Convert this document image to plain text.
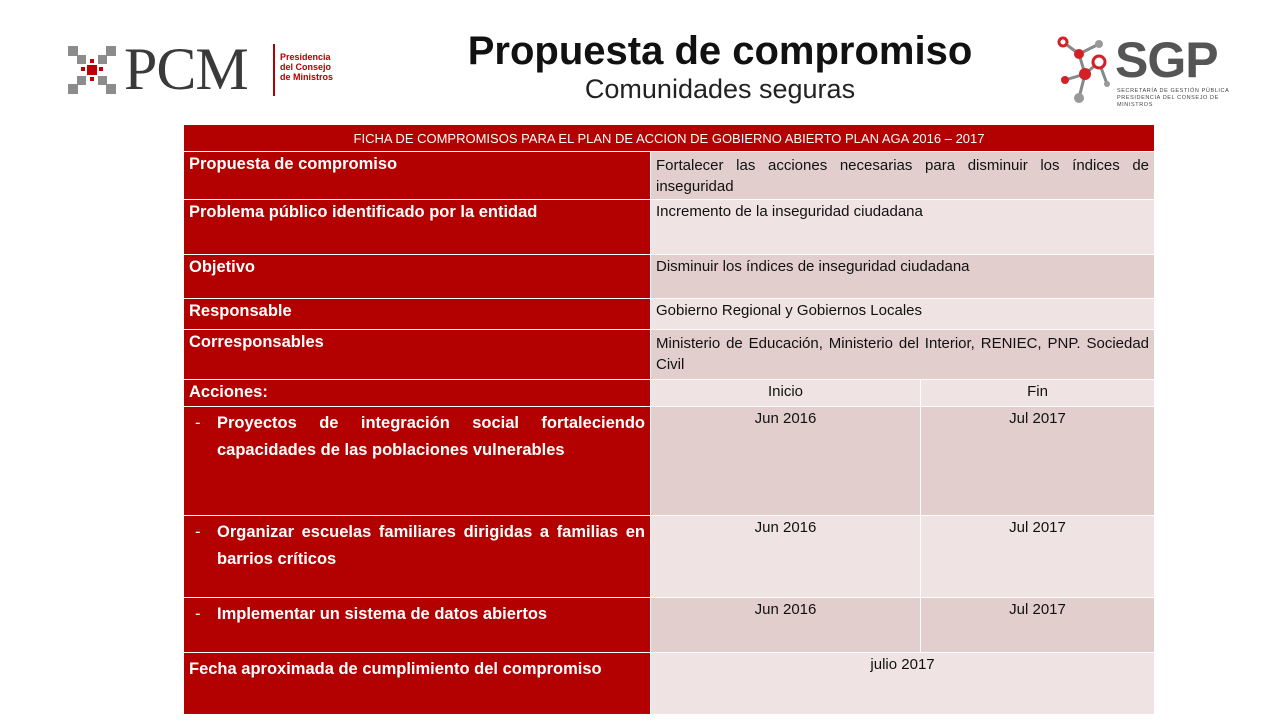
PCM	Presidencia del Consejo de Ministros
Propuesta de compromiso
Comunidades seguras
SGP
SECRETARÍA DE GESTIÓN PÚBLICA
PRESIDENCIA DEL CONSEJO DE MINISTROS
FICHA DE COMPROMISOS PARA EL PLAN DE ACCION DE GOBIERNO ABIERTO PLAN AGA 2016 – 2017		
Propuesta de compromiso	Fortalecer las acciones necesarias para disminuir los índices de inseguridad	
Problema público identificado por la entidad	Incremento de la inseguridad ciudadana	
Objetivo	Disminuir los índices de inseguridad ciudadana	
Responsable	Gobierno Regional y Gobiernos Locales	
Corresponsables	Ministerio de Educación, Ministerio del Interior, RENIEC, PNP. Sociedad Civil	
Acciones:	Inicio	Fin

- Proyectos de integración social fortaleciendo capacidades de las poblaciones vulnerables	Jun 2016	Jul 2017

- Organizar escuelas familiares dirigidas a familias en barrios críticos	Jun 2016	Jul 2017

- Implementar un sistema de datos abiertos	Jun 2016	Jul 2017
Fecha aproximada de cumplimiento del compromiso	julio 2017	
